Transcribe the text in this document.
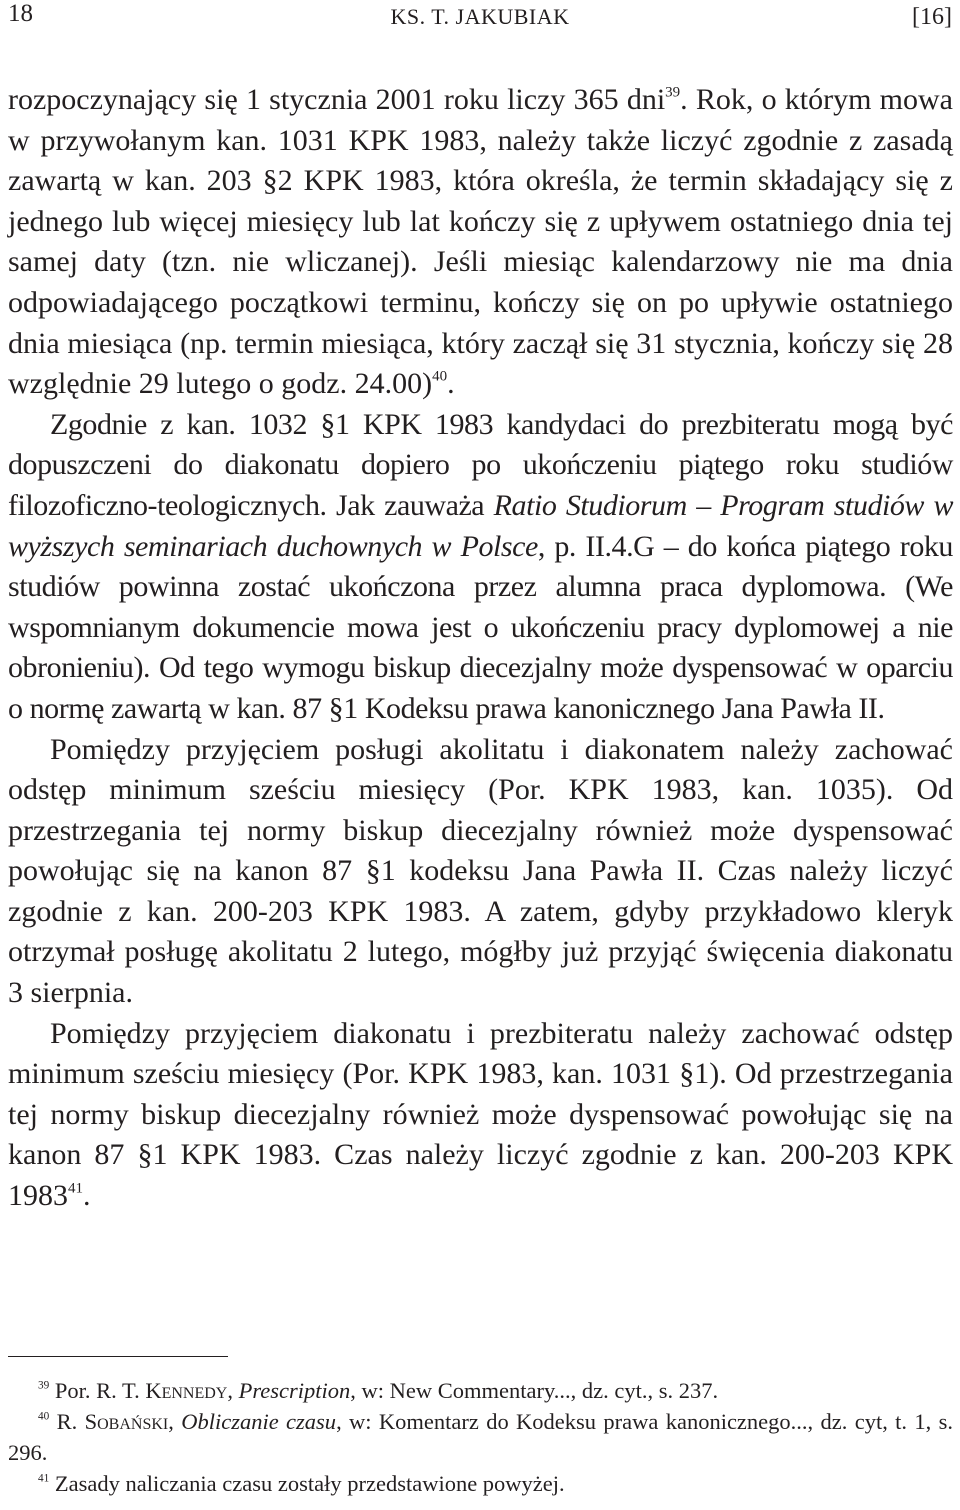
18	KS. T. JAKUBIAK	[16]

rozpoczynający się 1 stycznia 2001 roku liczy 365 dni$^{39}$. Rok, o którym mowa w przywołanym kan. 1031 KPK 1983, należy także liczyć zgodnie z zasadą zawartą w kan. 203 §2 KPK 1983, która określa, że termin składający się z jednego lub więcej miesięcy lub lat kończy się z upływem ostatniego dnia tej samej daty (tzn. nie wliczanej). Jeśli miesiąc kalendarzowy nie ma dnia odpowiadającego początkowi terminu, kończy się on po upływie ostatniego dnia miesiąca (np. termin miesiąca, który zaczął się 31 stycznia, kończy się 28 względnie 29 lutego o godz. 24.00)$^{40}$.

Zgodnie z kan. 1032 §1 KPK 1983 kandydaci do prezbiteratu mogą być dopuszczeni do diakonatu dopiero po ukończeniu piątego roku studiów filozoficzno-teologicznych. Jak zauważa Ratio Studiorum – Program studiów w wyższych seminariach duchownych w Polsce, p. II.4.G – do końca piątego roku studiów powinna zostać ukończona przez alumna praca dyplomowa. (We wspomnianym dokumencie mowa jest o ukończeniu pracy dyplomowej a nie obronieniu). Od tego wymogu biskup diecezjalny może dyspensować w oparciu o normę zawartą w kan. 87 §1 Kodeksu prawa kanonicznego Jana Pawła II.

Pomiędzy przyjęciem posługi akolitatu i diakonatem należy zachować odstęp minimum sześciu miesięcy (Por. KPK 1983, kan. 1035). Od przestrzegania tej normy biskup diecezjalny również może dyspensować powołując się na kanon 87 §1 kodeksu Jana Pawła II. Czas należy liczyć zgodnie z kan. 200-203 KPK 1983. A zatem, gdyby przykładowo kleryk otrzymał posługę akolitatu 2 lutego, mógłby już przyjąć święcenia diakonatu 3 sierpnia.

Pomiędzy przyjęciem diakonatu i prezbiteratu należy zachować odstęp minimum sześciu miesięcy (Por. KPK 1983, kan. 1031 §1). Od przestrzegania tej normy biskup diecezjalny również może dyspensować powołując się na kanon 87 §1 KPK 1983. Czas należy liczyć zgodnie z kan. 200-203 KPK 1983$^{41}$.

$^{39}$ Por. R. T. Kennedy, Prescription, w: New Commentary..., dz. cyt., s. 237.

$^{40}$ R. Sobański, Obliczanie czasu, w: Komentarz do Kodeksu prawa kanonicznego..., dz. cyt, t. 1, s. 296.

$^{41}$ Zasady naliczania czasu zostały przedstawione powyżej.
